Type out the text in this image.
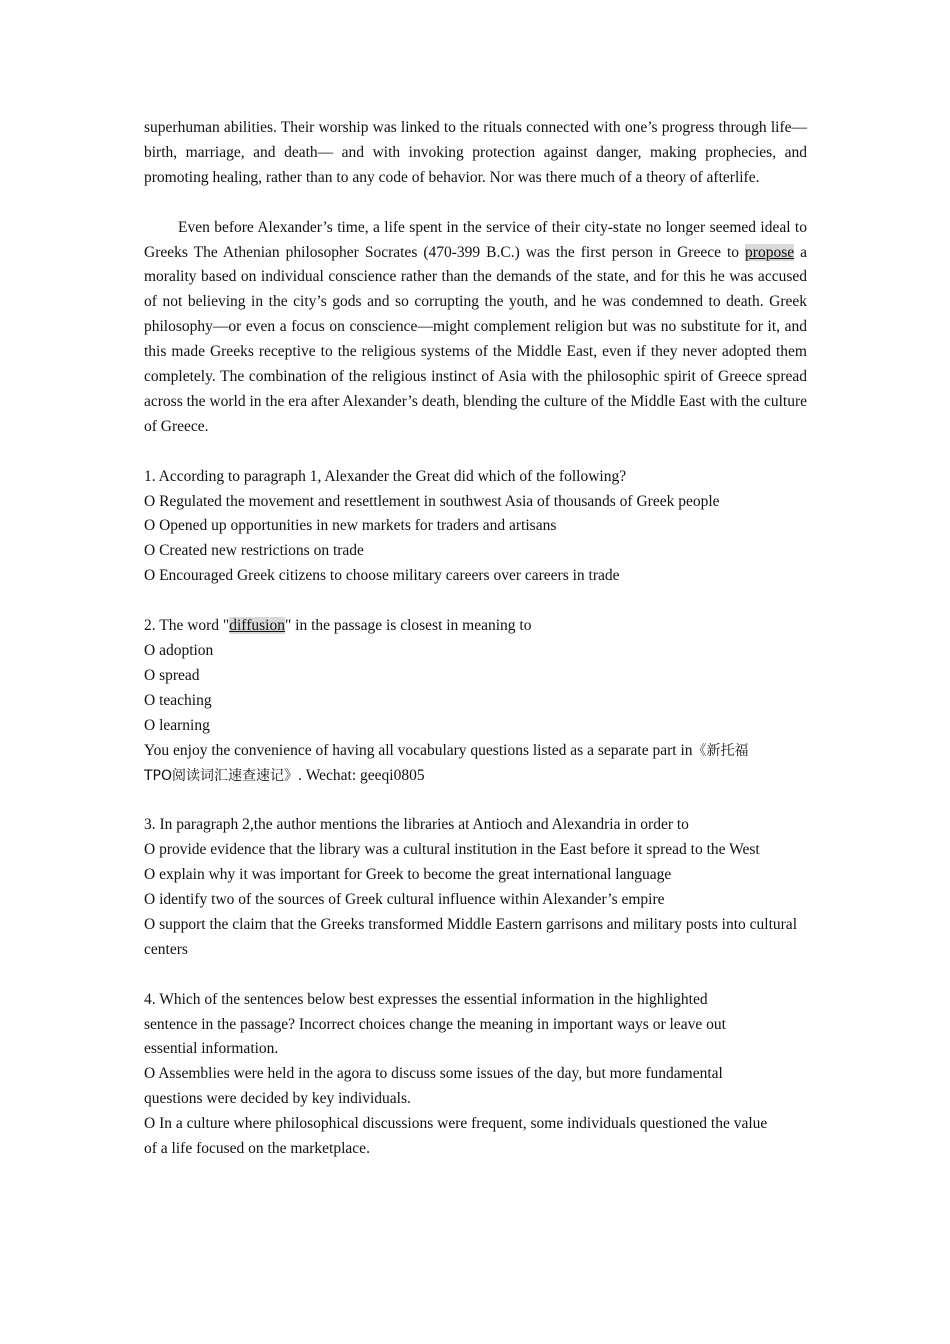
superhuman abilities. Their worship was linked to the rituals connected with one’s progress through life—birth, marriage, and death— and with invoking protection against danger, making prophecies, and promoting healing, rather than to any code of behavior. Nor was there much of a theory of afterlife.

Even before Alexander’s time, a life spent in the service of their city-state no longer seemed ideal to Greeks The Athenian philosopher Socrates (470-399 B.C.) was the first person in Greece to propose a morality based on individual conscience rather than the demands of the state, and for this he was accused of not believing in the city’s gods and so corrupting the youth, and he was condemned to death. Greek philosophy—or even a focus on conscience—might complement religion but was no substitute for it, and this made Greeks receptive to the religious systems of the Middle East, even if they never adopted them completely. The combination of the religious instinct of Asia with the philosophic spirit of Greece spread across the world in the era after Alexander’s death, blending the culture of the Middle East with the culture of Greece.

1. According to paragraph 1, Alexander the Great did which of the following?

O Regulated the movement and resettlement in southwest Asia of thousands of Greek people

O Opened up opportunities in new markets for traders and artisans

O Created new restrictions on trade

O Encouraged Greek citizens to choose military careers over careers in trade

2. The word "diffusion" in the passage is closest in meaning to

O adoption

O spread

O teaching

O learning

You enjoy the convenience of having all vocabulary questions listed as a separate part in《新托福

TPO阅读词汇速查速记》. Wechat: geeqi0805

3. In paragraph 2,the author mentions the libraries at Antioch and Alexandria in order to

O provide evidence that the library was a cultural institution in the East before it spread to the West

O explain why it was important for Greek to become the great international language

O identify two of the sources of Greek cultural influence within Alexander’s empire

O support the claim that the Greeks transformed Middle Eastern garrisons and military posts into cultural centers

4. Which of the sentences below best expresses the essential information in the highlighted sentence in the passage? Incorrect choices change the meaning in important ways or leave out essential information.

O Assemblies were held in the agora to discuss some issues of the day, but more fundamental questions were decided by key individuals.

O In a culture where philosophical discussions were frequent, some individuals questioned the value of a life focused on the marketplace.
